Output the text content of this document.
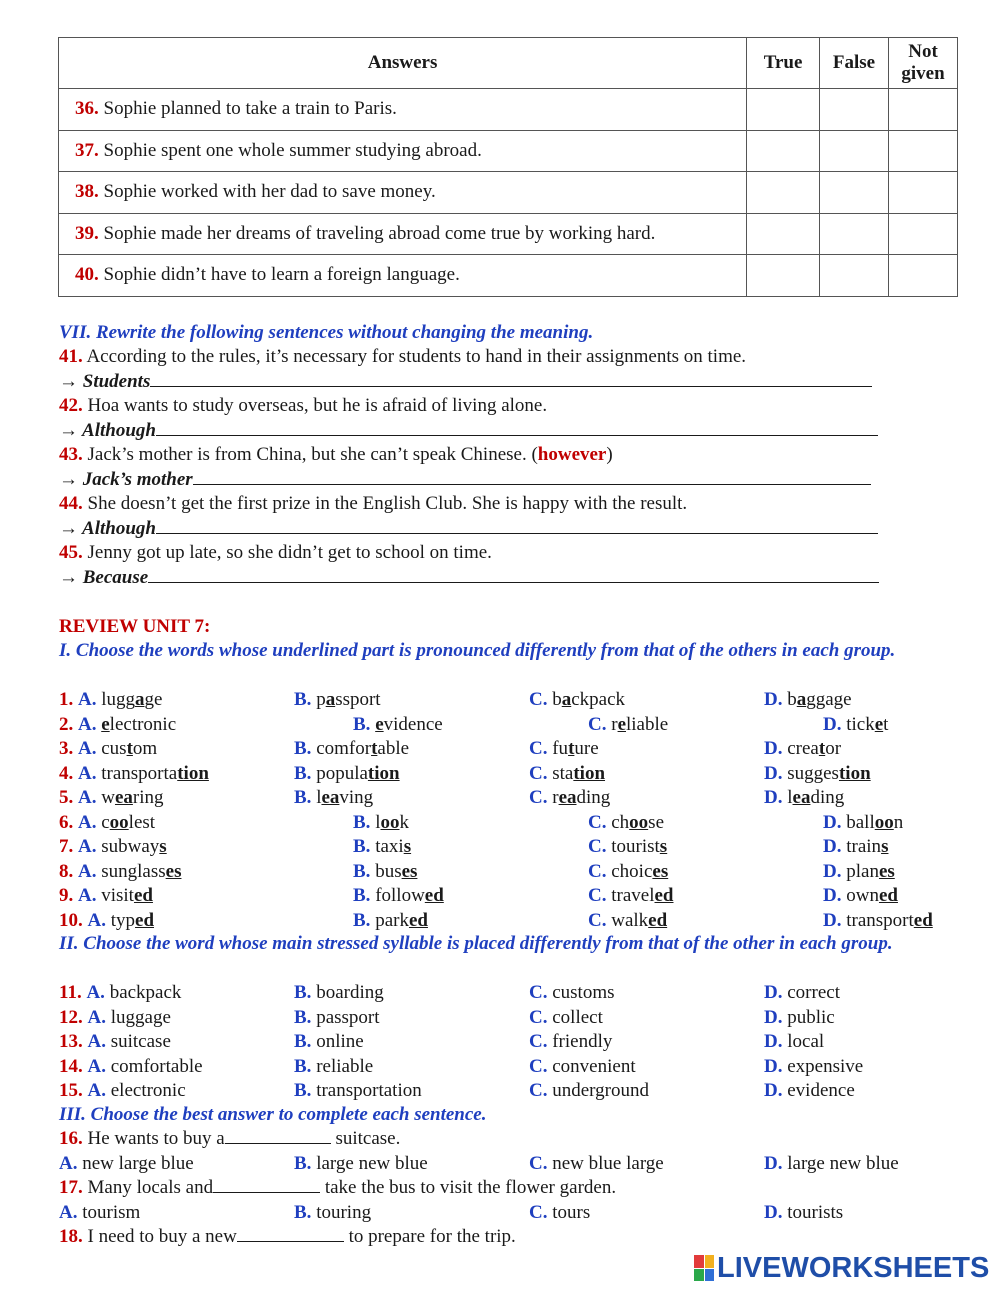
Answers	True	False	Not given
36. Sophie planned to take a train to Paris.			
37. Sophie spent one whole summer studying abroad.			
38. Sophie worked with her dad to save money.			
39. Sophie made her dreams of traveling abroad come true by working hard.			
40. Sophie didn’t have to learn a foreign language.			
VII. Rewrite the following sentences without changing the meaning.
41. According to the rules, it’s necessary for students to hand in their assignments on time.
→ Students
42. Hoa wants to study overseas, but he is afraid of living alone.
→ Although
43. Jack’s mother is from China, but she can’t speak Chinese. (however)
→ Jack’s mother
44. She doesn’t get the first prize in the English Club. She is happy with the result.
→ Although
45. Jenny got up late, so she didn’t get to school on time.
→ Because
REVIEW UNIT 7:
I. Choose the words whose underlined part is pronounced differently from that of the others in each group.
1. A. luggage	B. passport	C. backpack	D. baggage
2. A. electronic	B. evidence	C. reliable	D. ticket
3. A. custom	B. comfortable	C. future	D. creator
4. A. transportation	B. population	C. station	D. suggestion
5. A. wearing	B. leaving	C. reading	D. leading
6. A. coolest	B. look	C. choose	D. balloon
7. A. subways	B. taxis	C. tourists	D. trains
8. A. sunglasses	B. buses	C. choices	D. planes
9. A. visited	B. followed	C. traveled	D. owned
10. A. typed	B. parked	C. walked	D. transported
II. Choose the word whose main stressed syllable is placed differently from that of the other in each group.
11. A. backpack	B. boarding	C. customs	D. correct
12. A. luggage	B. passport	C. collect	D. public
13. A. suitcase	B. online	C. friendly	D. local
14. A. comfortable	B. reliable	C. convenient	D. expensive
15. A. electronic	B. transportation	C. underground	D. evidence
III. Choose the best answer to complete each sentence.
16. He wants to buy a	suitcase.
A. new large blue	B. large new blue	C. new blue large	D. large new blue
17. Many locals and	take the bus to visit the flower garden.
A. tourism	B. touring	C. tours	D. tourists
18. I need to buy a new	to prepare for the trip.
LIVEWORKSHEETS
